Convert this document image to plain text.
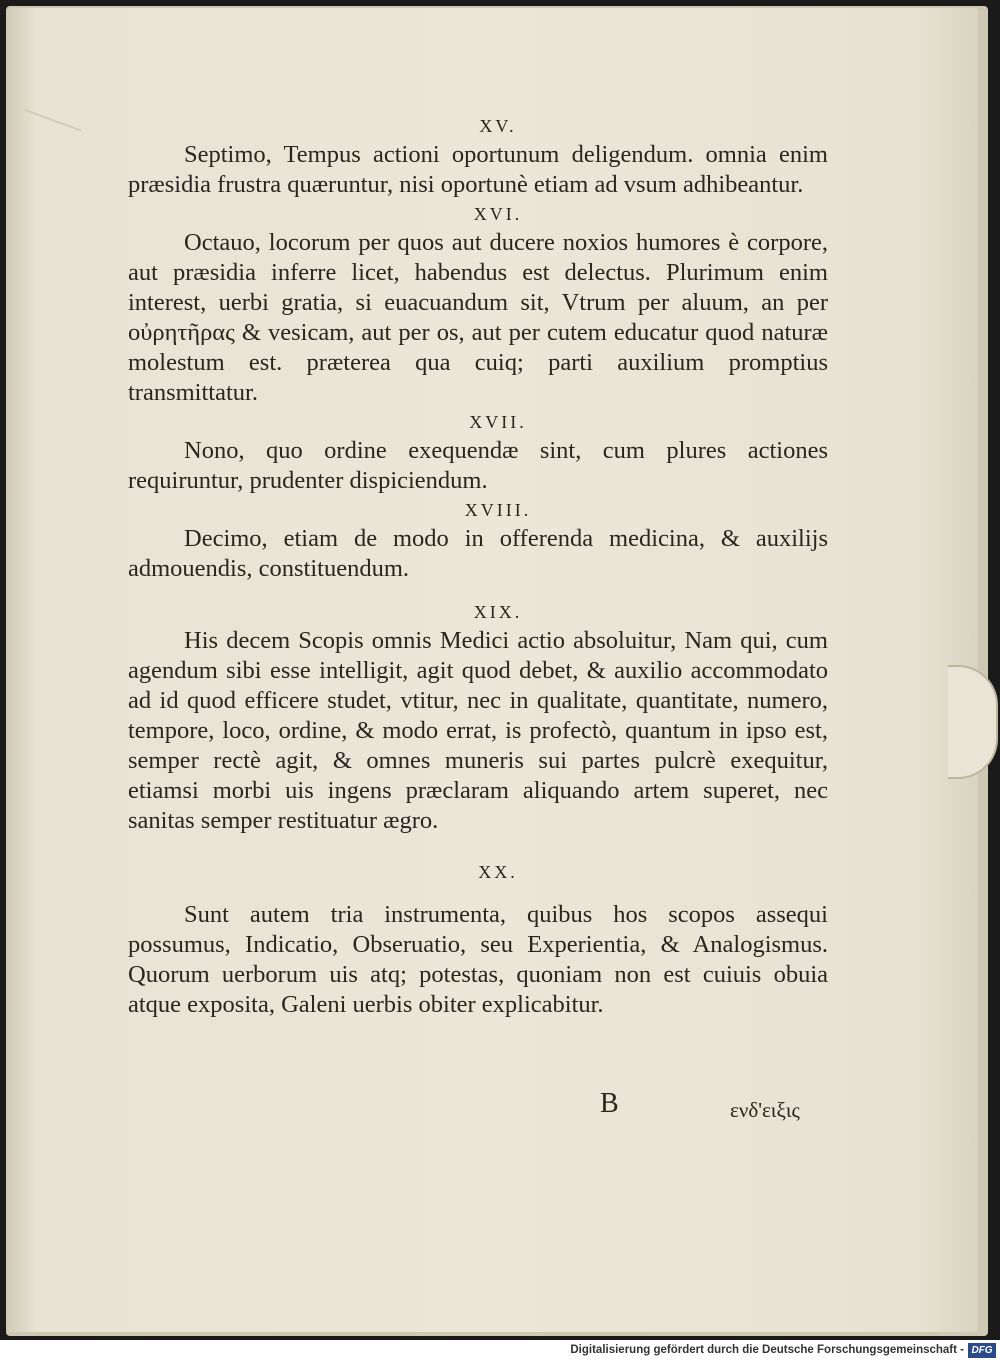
XV.

Septimo, Tempus actioni oportunum deligendum. omnia enim præsidia frustra quæruntur, nisi oportunè etiam ad vsum adhibeantur.

XVI.

Octauo, locorum per quos aut ducere noxios humores è corpore, aut præsidia inferre licet, habendus est delectus. Plurimum enim interest, uerbi gratia, si euacuandum sit, Vtrum per aluum, an per οὐρητῆρας & vesicam, aut per os, aut per cutem educatur quod naturæ molestum est. præterea qua cuiq; parti auxilium promptius transmittatur.

XVII.

Nono, quo ordine exequendæ sint, cum plures actiones requiruntur, prudenter dispiciendum.

XVIII.

Decimo, etiam de modo in offerenda medicina, & auxilijs admouendis, constituendum.

XIX.

His decem Scopis omnis Medici actio absoluitur, Nam qui, cum agendum sibi esse intelligit, agit quod debet, & auxilio accommodato ad id quod efficere studet, vtitur, nec in qualitate, quantitate, numero, tempore, loco, ordine, & modo errat, is profectò, quantum in ipso est, semper rectè agit, & omnes muneris sui partes pulcrè exequitur, etiamsi morbi uis ingens præclaram aliquando artem superet, nec sanitas semper restituatur ægro.

XX.

Sunt autem tria instrumenta, quibus hos scopos assequi possumus, Indicatio, Obseruatio, seu Experientia, & Analogismus. Quorum uerborum uis atq; potestas, quoniam non est cuiuis obuia atque exposita, Galeni uerbis obiter explicabitur.

B	ενδ'ειξις
Digitalisierung gefördert durch die Deutsche Forschungsgemeinschaft - DFG
